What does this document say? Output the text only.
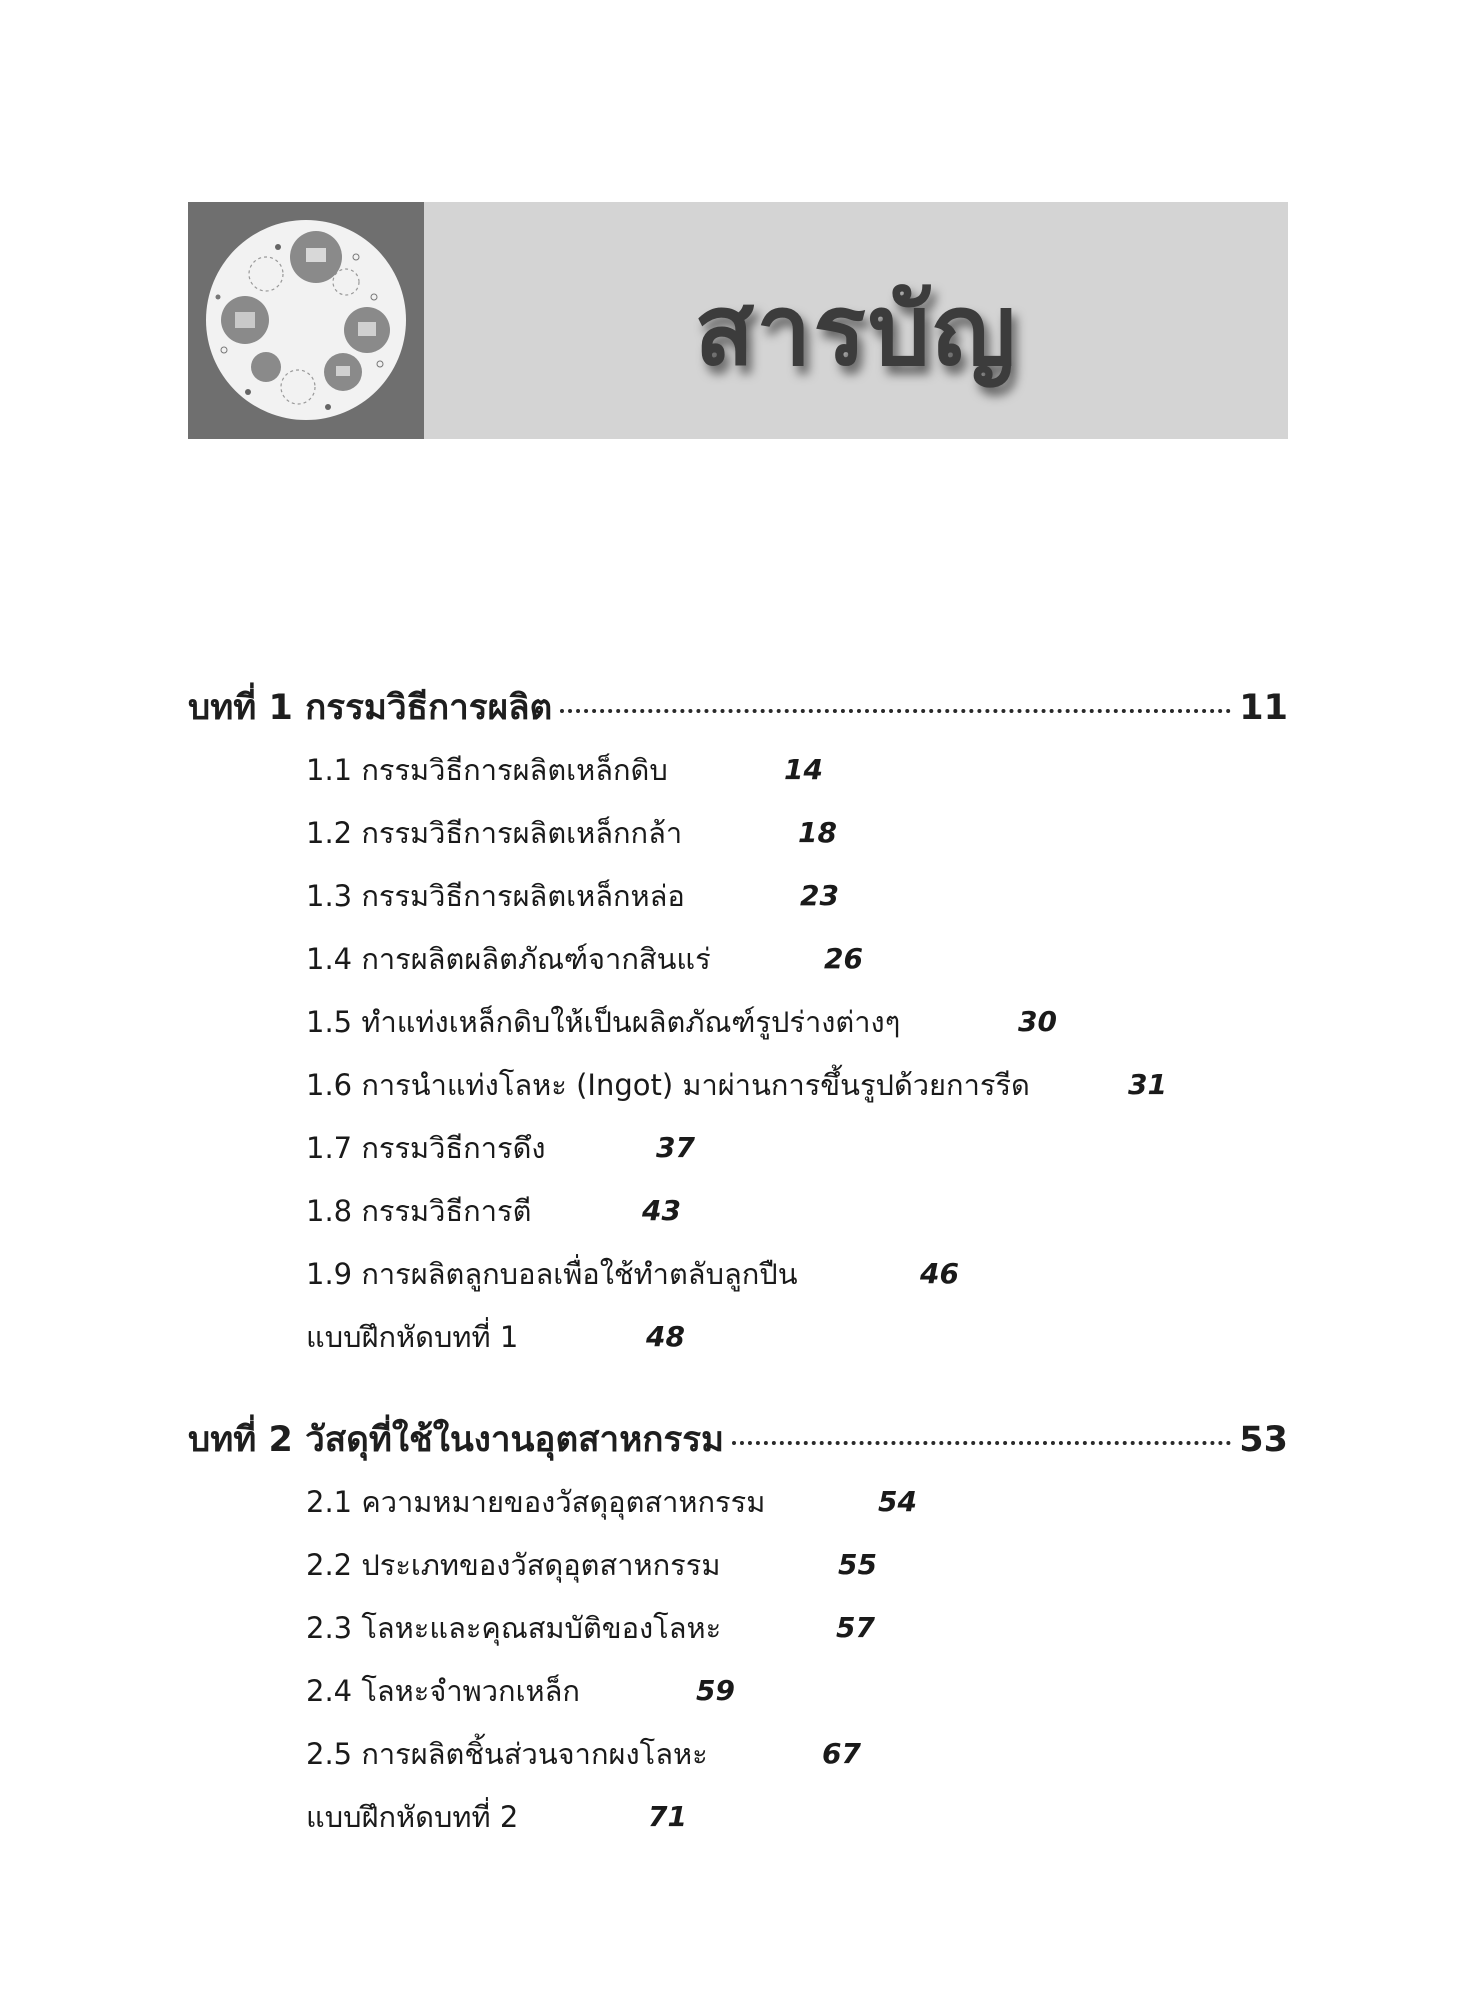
สารบัญ
บทที่ 1 กรรมวิธีการผลิต	11
1.1 กรรมวิธีการผลิตเหล็กดิบ	14
1.2 กรรมวิธีการผลิตเหล็กกล้า	18
1.3 กรรมวิธีการผลิตเหล็กหล่อ	23
1.4 การผลิตผลิตภัณฑ์จากสินแร่	26
1.5 ทำแท่งเหล็กดิบให้เป็นผลิตภัณฑ์รูปร่างต่างๆ	30
1.6 การนำแท่งโลหะ (Ingot) มาผ่านการขึ้นรูปด้วยการรีด	31
1.7 กรรมวิธีการดึง	37
1.8 กรรมวิธีการตี	43
1.9 การผลิตลูกบอลเพื่อใช้ทำตลับลูกปืน	46
แบบฝึกหัดบทที่ 1	48
บทที่ 2 วัสดุที่ใช้ในงานอุตสาหกรรม	53
2.1 ความหมายของวัสดุอุตสาหกรรม	54
2.2 ประเภทของวัสดุอุตสาหกรรม	55
2.3 โลหะและคุณสมบัติของโลหะ	57
2.4 โลหะจำพวกเหล็ก	59
2.5 การผลิตชิ้นส่วนจากผงโลหะ	67
แบบฝึกหัดบทที่ 2	71
